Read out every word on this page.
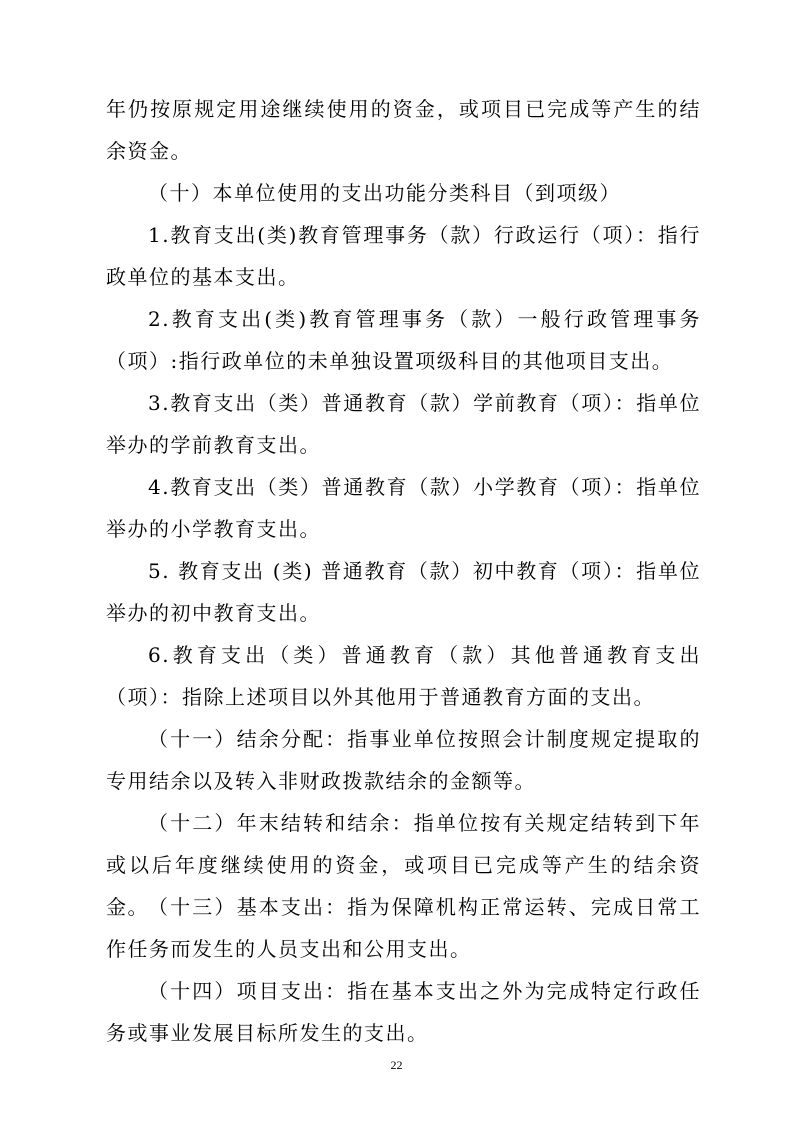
年仍按原规定用途继续使用的资金，或项目已完成等产生的结余资金。

（十）本单位使用的支出功能分类科目（到项级）

1.教育支出(类)教育管理事务（款）行政运行（项）：指行政单位的基本支出。

2.教育支出(类)教育管理事务（款）一般行政管理事务（项）:指行政单位的未单独设置项级科目的其他项目支出。

3.教育支出（类）普通教育（款）学前教育（项）：指单位举办的学前教育支出。

4.教育支出（类）普通教育（款）小学教育（项）：指单位举办的小学教育支出。

5. 教育支出 (类) 普通教育（款）初中教育（项）：指单位举办的初中教育支出。

6.教育支出（类）普通教育（款）其他普通教育支出（项）：指除上述项目以外其他用于普通教育方面的支出。

（十一）结余分配：指事业单位按照会计制度规定提取的专用结余以及转入非财政拨款结余的金额等。

（十二）年末结转和结余：指单位按有关规定结转到下年或以后年度继续使用的资金，或项目已完成等产生的结余资金。 （十三）基本支出：指为保障机构正常运转、完成日常工作任务而发生的人员支出和公用支出。

（十四）项目支出：指在基本支出之外为完成特定行政任务或事业发展目标所发生的支出。

22
